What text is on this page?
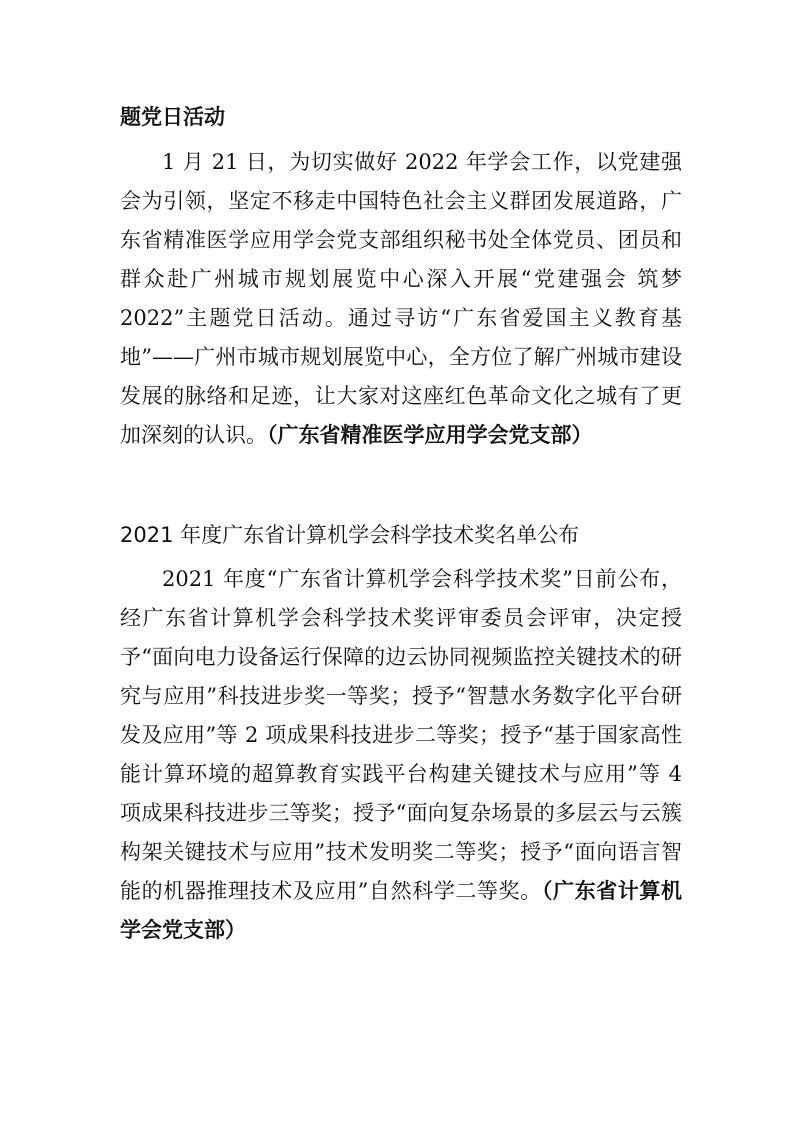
题党日活动

1 月 21 日，为切实做好 2022 年学会工作，以党建强会为引领，坚定不移走中国特色社会主义群团发展道路，广东省精准医学应用学会党支部组织秘书处全体党员、团员和群众赴广州城市规划展览中心深入开展“党建强会 筑梦 2022”主题党日活动。通过寻访“广东省爱国主义教育基地”——广州市城市规划展览中心，全方位了解广州城市建设发展的脉络和足迹，让大家对这座红色革命文化之城有了更加深刻的认识。（广东省精准医学应用学会党支部）

2021 年度广东省计算机学会科学技术奖名单公布

2021 年度“广东省计算机学会科学技术奖”日前公布，经广东省计算机学会科学技术奖评审委员会评审，决定授予“面向电力设备运行保障的边云协同视频监控关键技术的研究与应用”科技进步奖一等奖；授予“智慧水务数字化平台研发及应用”等 2 项成果科技进步二等奖；授予“基于国家高性能计算环境的超算教育实践平台构建关键技术与应用”等 4 项成果科技进步三等奖；授予“面向复杂场景的多层云与云簇构架关键技术与应用”技术发明奖二等奖；授予“面向语言智能的机器推理技术及应用”自然科学二等奖。（广东省计算机学会党支部）
